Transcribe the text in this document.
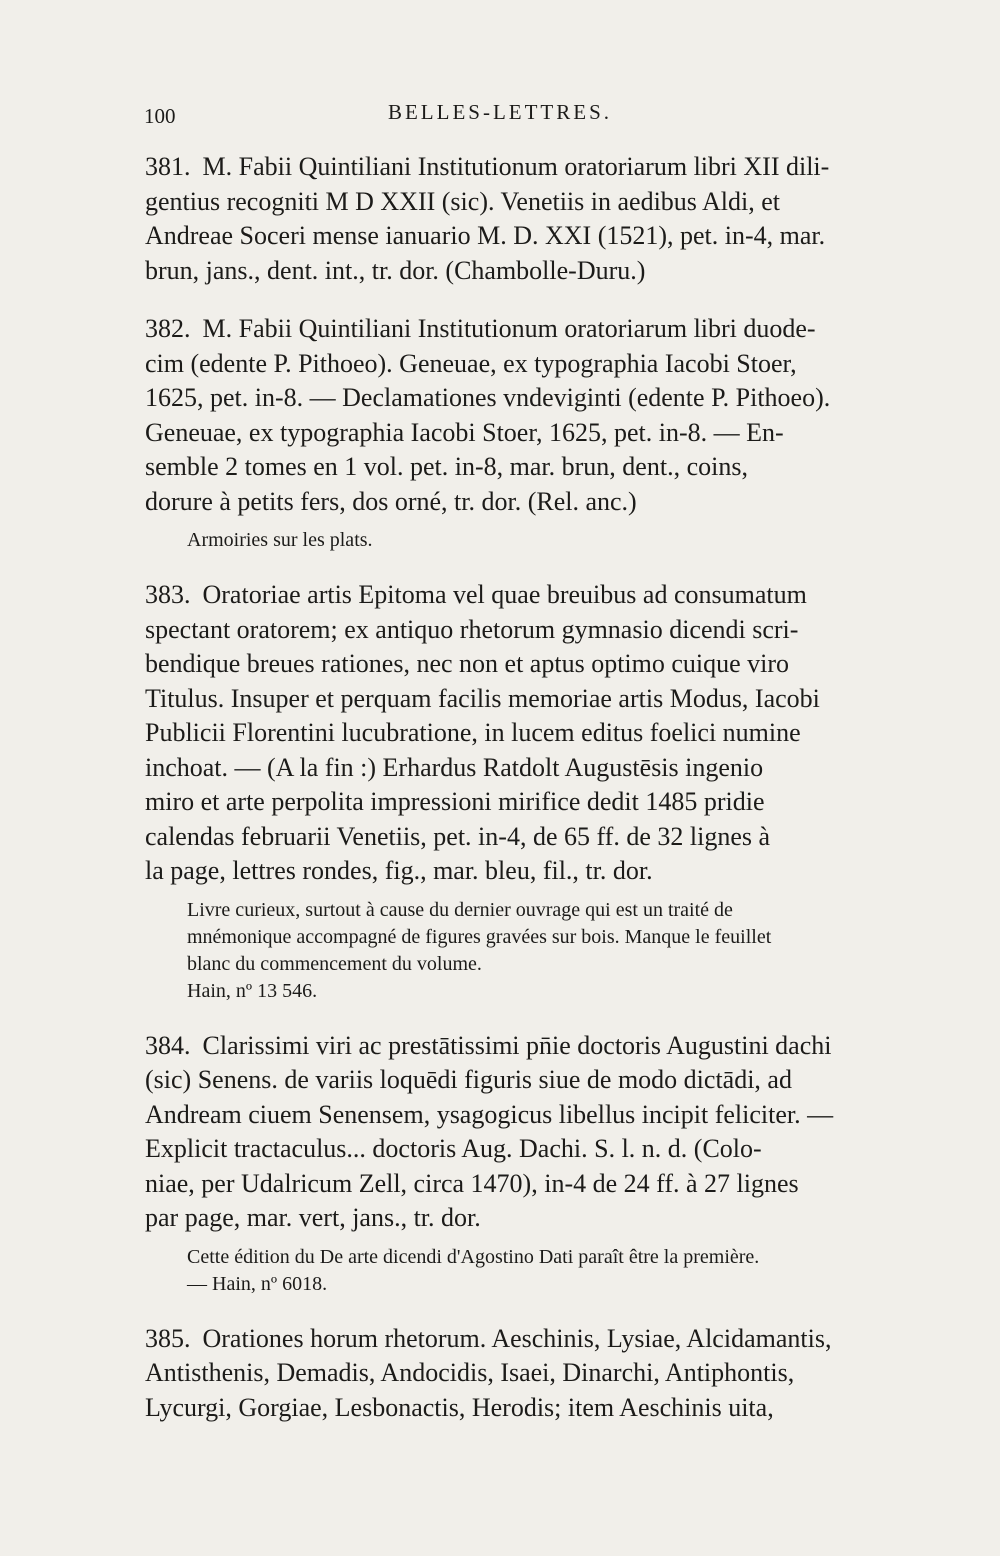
100	BELLES-LETTRES.
381. M. Fabii Quintiliani Institutionum oratoriarum libri XII dili-
gentius recogniti M D XXII (sic). Venetiis in aedibus Aldi, et
Andreae Soceri mense ianuario M. D. XXI (1521), pet. in-4, mar.
brun, jans., dent. int., tr. dor. (Chambolle-Duru.)
382. M. Fabii Quintiliani Institutionum oratoriarum libri duode-
cim (edente P. Pithoeo). Geneuae, ex typographia Iacobi Stoer,
1625, pet. in-8. — Declamationes vndeviginti (edente P. Pithoeo).
Geneuae, ex typographia Iacobi Stoer, 1625, pet. in-8. — En-
semble 2 tomes en 1 vol. pet. in-8, mar. brun, dent., coins,
dorure à petits fers, dos orné, tr. dor. (Rel. anc.)
Armoiries sur les plats.
383. Oratoriae artis Epitoma vel quae breuibus ad consumatum
spectant oratorem; ex antiquo rhetorum gymnasio dicendi scri-
bendique breues rationes, nec non et aptus optimo cuique viro
Titulus. Insuper et perquam facilis memoriae artis Modus, Iacobi
Publicii Florentini lucubratione, in lucem editus foelici numine
inchoat. — (A la fin :) Erhardus Ratdolt Augustēsis ingenio
miro et arte perpolita impressioni mirifice dedit 1485 pridie
calendas februarii Venetiis, pet. in-4, de 65 ff. de 32 lignes à
la page, lettres rondes, fig., mar. bleu, fil., tr. dor.
Livre curieux, surtout à cause du dernier ouvrage qui est un traité de
mnémonique accompagné de figures gravées sur bois. Manque le feuillet
blanc du commencement du volume.
Hain, nº 13 546.
384. Clarissimi viri ac prestātissimi pn̄ie doctoris Augustini dachi
(sic) Senens. de variis loquēdi figuris siue de modo dictādi, ad
Andream ciuem Senensem, ysagogicus libellus incipit feliciter. —
Explicit tractaculus... doctoris Aug. Dachi. S. l. n. d. (Colo-
niae, per Udalricum Zell, circa 1470), in-4 de 24 ff. à 27 lignes
par page, mar. vert, jans., tr. dor.
Cette édition du De arte dicendi d'Agostino Dati paraît être la première.
— Hain, nº 6018.
385. Orationes horum rhetorum. Aeschinis, Lysiae, Alcidamantis,
Antisthenis, Demadis, Andocidis, Isaei, Dinarchi, Antiphontis,
Lycurgi, Gorgiae, Lesbonactis, Herodis; item Aeschinis uita,
